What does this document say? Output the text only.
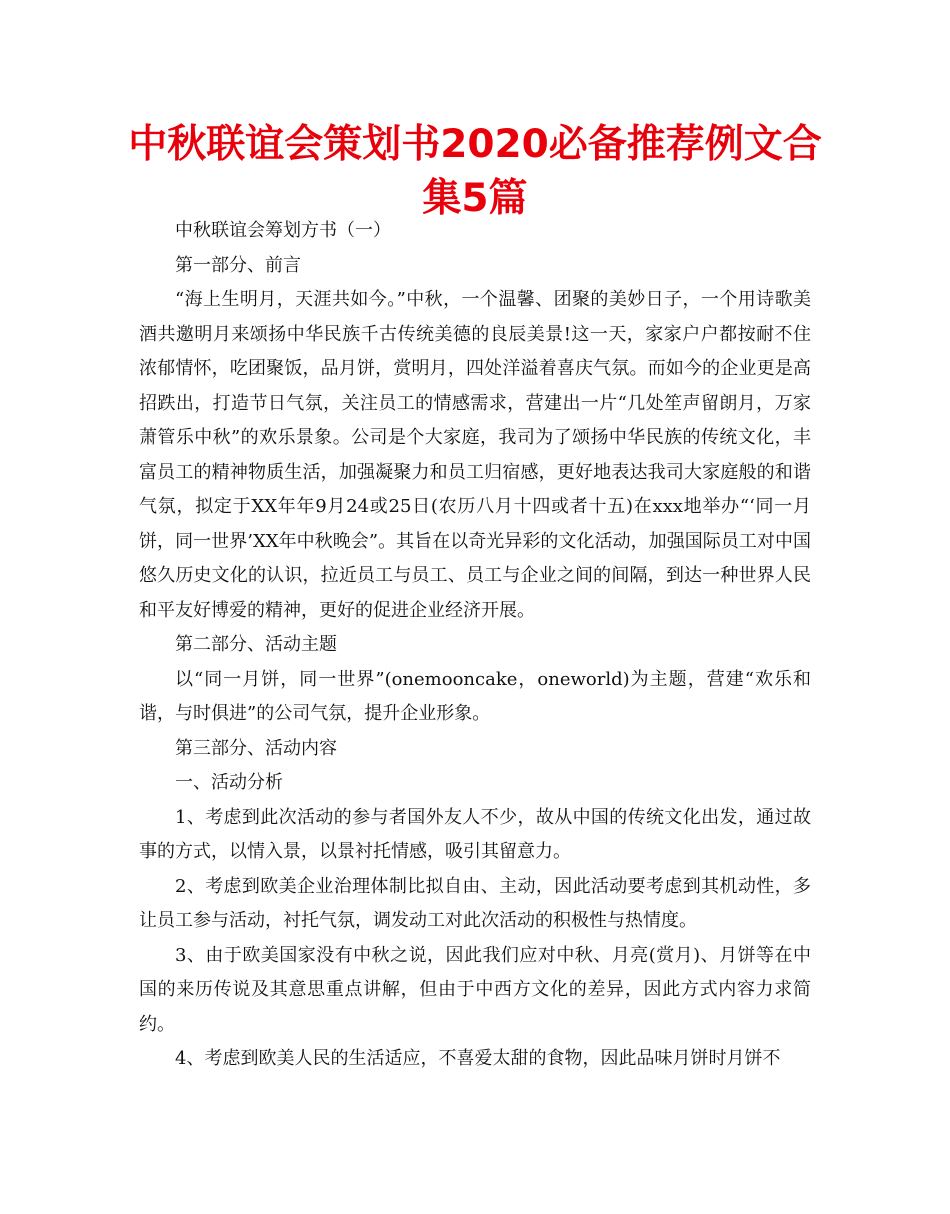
中秋联谊会策划书2020必备推荐例文合集5篇

中秋联谊会筹划方书（一）

第一部分、前言

“海上生明月，天涯共如今。”中秋，一个温馨、团聚的美妙日子，一个用诗歌美酒共邀明月来颂扬中华民族千古传统美德的良辰美景!这一天，家家户户都按耐不住浓郁情怀，吃团聚饭，品月饼，赏明月，四处洋溢着喜庆气氛。而如今的企业更是高招跌出，打造节日气氛，关注员工的情感需求，营建出一片“几处笙声留朗月，万家萧管乐中秋”的欢乐景象。公司是个大家庭，我司为了颂扬中华民族的传统文化，丰富员工的精神物质生活，加强凝聚力和员工归宿感，更好地表达我司大家庭般的和谐气氛，拟定于XX年年9月24或25日(农历八月十四或者十五)在xxx地举办“‘同一月饼，同一世界’XX年中秋晚会”。其旨在以奇光异彩的文化活动，加强国际员工对中国悠久历史文化的认识，拉近员工与员工、员工与企业之间的间隔，到达一种世界人民和平友好博爱的精神，更好的促进企业经济开展。

第二部分、活动主题

以“同一月饼，同一世界”(onemooncake，oneworld)为主题，营建“欢乐和谐，与时俱进”的公司气氛，提升企业形象。

第三部分、活动内容

一、活动分析

1、考虑到此次活动的参与者国外友人不少，故从中国的传统文化出发，通过故事的方式，以情入景，以景衬托情感，吸引其留意力。

2、考虑到欧美企业治理体制比拟自由、主动，因此活动要考虑到其机动性，多让员工参与活动，衬托气氛，调发动工对此次活动的积极性与热情度。

3、由于欧美国家没有中秋之说，因此我们应对中秋、月亮(赏月)、月饼等在中国的来历传说及其意思重点讲解，但由于中西方文化的差异，因此方式内容力求简约。

4、考虑到欧美人民的生活适应，不喜爱太甜的食物，因此品味月饼时月饼不
